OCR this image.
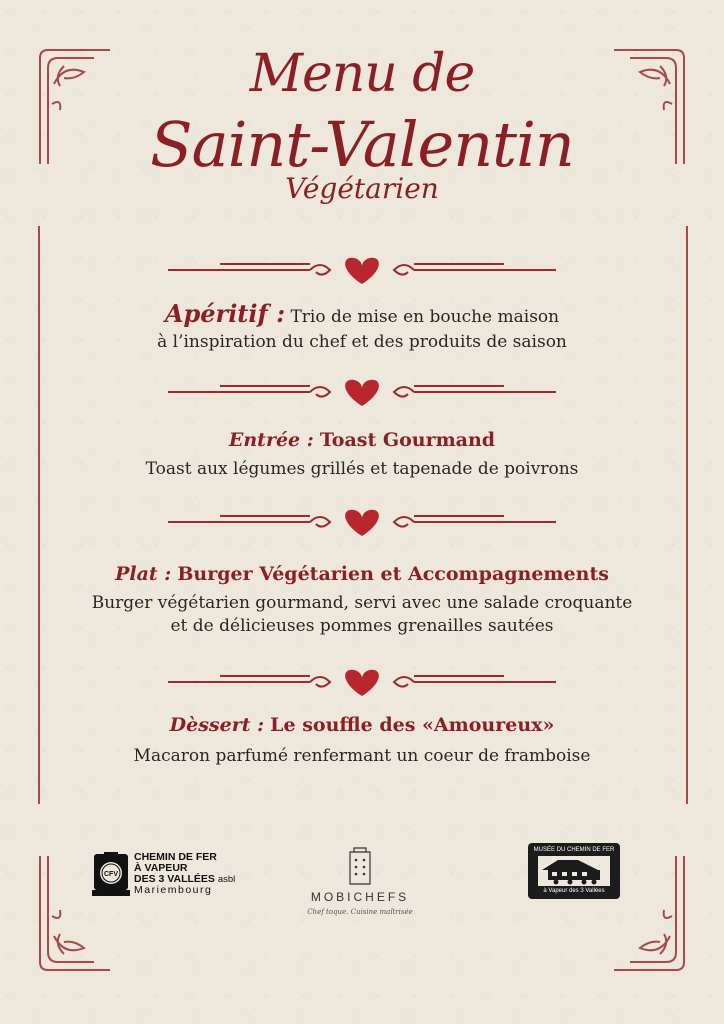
Menu de
Saint-Valentin
Végétarien
Apéritif : Trio de mise en bouche maison
à l’inspiration du chef et des produits de saison
Entrée : Toast Gourmand
Toast aux légumes grillés et tapenade de poivrons
Plat : Burger Végétarien et Accompagnements
Burger végétarien gourmand, servi avec une salade croquante
et de délicieuses pommes grenailles sautées
Dèssert : Le souffle des «Amoureux»
Macaron parfumé renfermant un coeur de framboise
CFV
CHEMIN DE FER
À VAPEUR
DES 3 VALLÉES asbl
Mariembourg	MOBICHEFS
Chef toque. Cuisine maîtrisée
MUSÉE DU CHEMIN DE FER
à Vapeur des 3 Vallées
